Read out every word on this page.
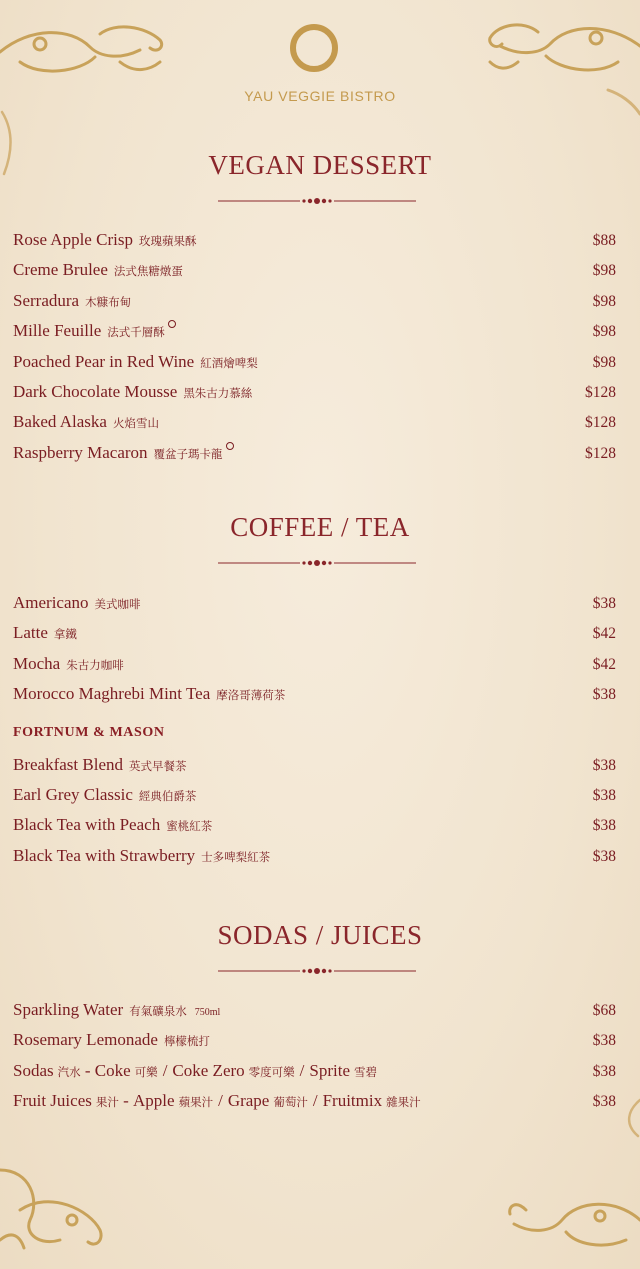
YAU VEGGIE BISTRO
VEGAN DESSERT
Rose Apple Crisp 玫瑰蘋果酥	$88
Creme Brulee 法式焦糖燉蛋	$98
Serradura 木糠布甸	$98
Mille Feuille 法式千層酥	$98
Poached Pear in Red Wine 紅酒燴啤梨	$98
Dark Chocolate Mousse 黑朱古力慕絲	$128
Baked Alaska 火焰雪山	$128
Raspberry Macaron 覆盆子瑪卡龍	$128
COFFEE / TEA
Americano 美式咖啡	$38
Latte 拿鐵	$42
Mocha 朱古力咖啡	$42
Morocco Maghrebi Mint Tea 摩洛哥薄荷茶	$38
FORTNUM & MASON
Breakfast Blend 英式早餐茶	$38
Earl Grey Classic 經典伯爵茶	$38
Black Tea with Peach 蜜桃紅茶	$38
Black Tea with Strawberry 士多啤梨紅茶	$38
SODAS / JUICES
Sparkling Water 有氣礦泉水 750ml	$68
Rosemary Lemonade 檸檬梳打	$38
Sodas 汽水 - Coke 可樂 / Coke Zero 零度可樂 / Sprite 雪碧	$38
Fruit Juices 果汁 - Apple 蘋果汁 / Grape 葡萄汁 / Fruitmix 雜果汁	$38
